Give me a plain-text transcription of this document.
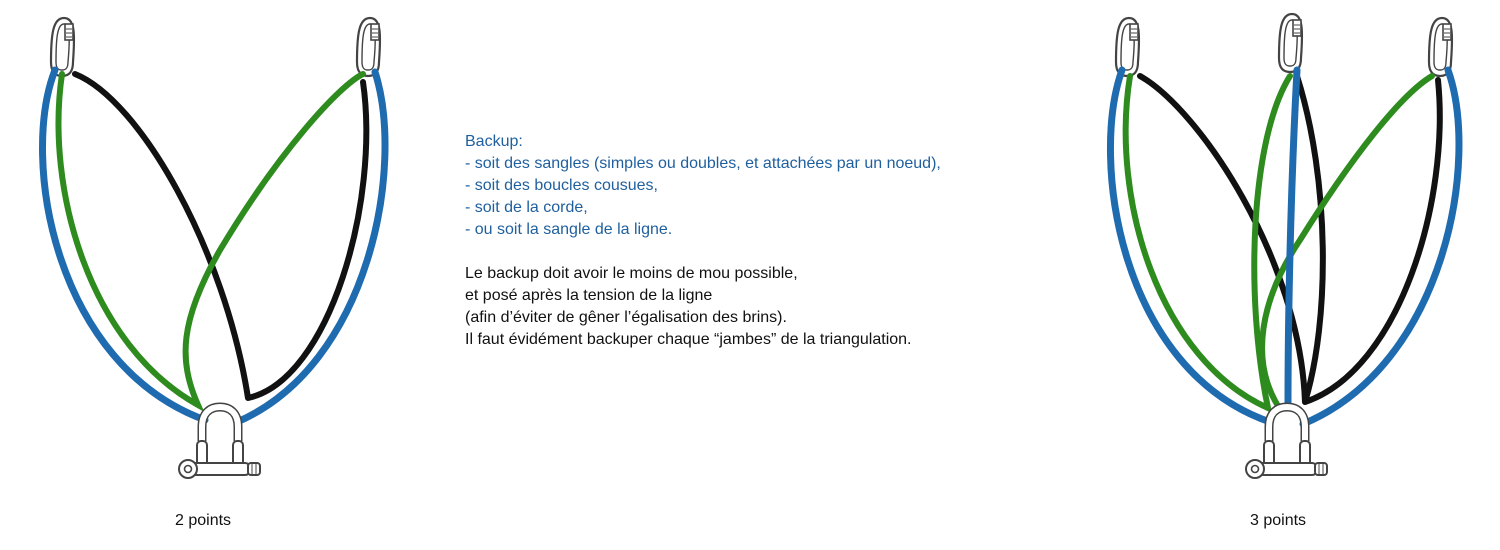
Backup:
- soit des sangles (simples ou doubles, et attachées par un noeud),
- soit des boucles cousues,
- soit de la corde,
- ou soit la sangle de la ligne.
Le backup doit avoir le moins de mou possible,
et posé après la tension de la ligne
(afin d’éviter de gêner l’égalisation des brins).
Il faut évidément backuper chaque “jambes” de la triangulation.
2 points	3 points
